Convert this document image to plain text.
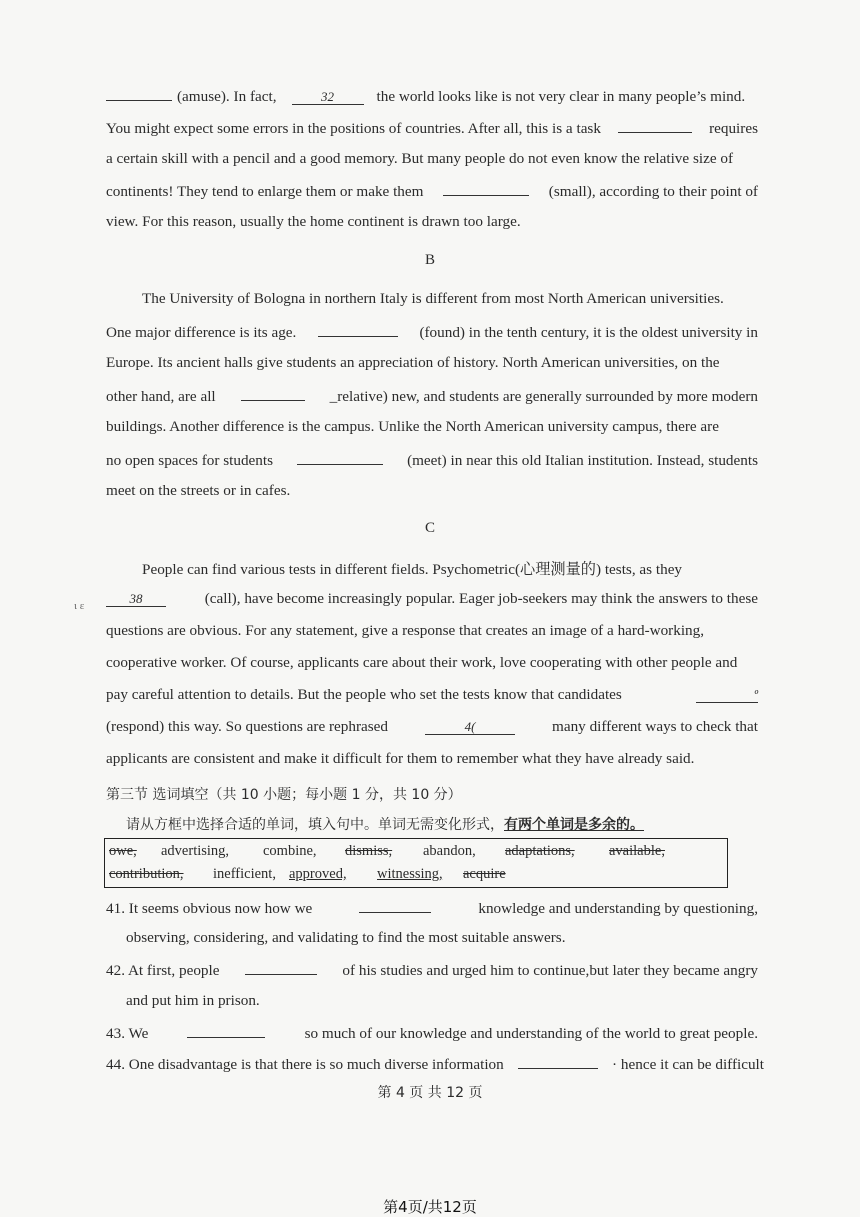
(amuse). In fact,	32	the world looks like is not very clear in many people’s mind.
You might expect some errors in the positions of countries. After all, this is a task	requires
a certain skill with a pencil and a good memory. But many people do not even know the relative size of
continents! They tend to enlarge them or make them	(small), according to their point of
view. For this reason, usually the home continent is drawn too large.
B
The University of Bologna in northern Italy is different from most North American universities.
One major difference is its age.	(found) in the tenth century, it is the oldest university in
Europe. Its ancient halls give students an appreciation of history. North American universities, on the
other hand, are all	_relative) new, and students are generally surrounded by more modern
buildings. Another difference is the campus. Unlike the North American university campus, there are
no open spaces for students	(meet) in near this old Italian institution. Instead, students
meet on the streets or in cafes.
C
ι ε
People can find various tests in different fields. Psychometric(心理测量的) tests, as they
38	(call), have become increasingly popular. Eager job-seekers may think the answers to these
questions are obvious. For any statement, give a response that creates an image of a hard-working,
cooperative worker. Of course, applicants care about their work, love cooperating with other people and
pay careful attention to details. But the people who set the tests know that candidates	º
(respond) this way. So questions are rephrased	4(	many different ways to check that
applicants are consistent and make it difficult for them to remember what they have already said.
第三节 选词填空（共 10 小题；每小题 1 分，共 10 分）
请从方框中选择合适的单词，填入句中。单词无需变化形式，有两个单词是多余的。
owe, advertising, combine, dismiss, abandon, adaptations, available,
contribution, inefficient, approved, witnessing, acquire
41. It seems obvious now how we	knowledge and understanding by questioning,
observing, considering, and validating to find the most suitable answers.
42. At first, people	of his studies and urged him to continue,but later they became angry
and put him in prison.
43. We	so much of our knowledge and understanding of the world to great people.
44. One disadvantage is that there is so much diverse information	· hence it can be difficult
第 4 页 共 12 页
第4页/共12页
